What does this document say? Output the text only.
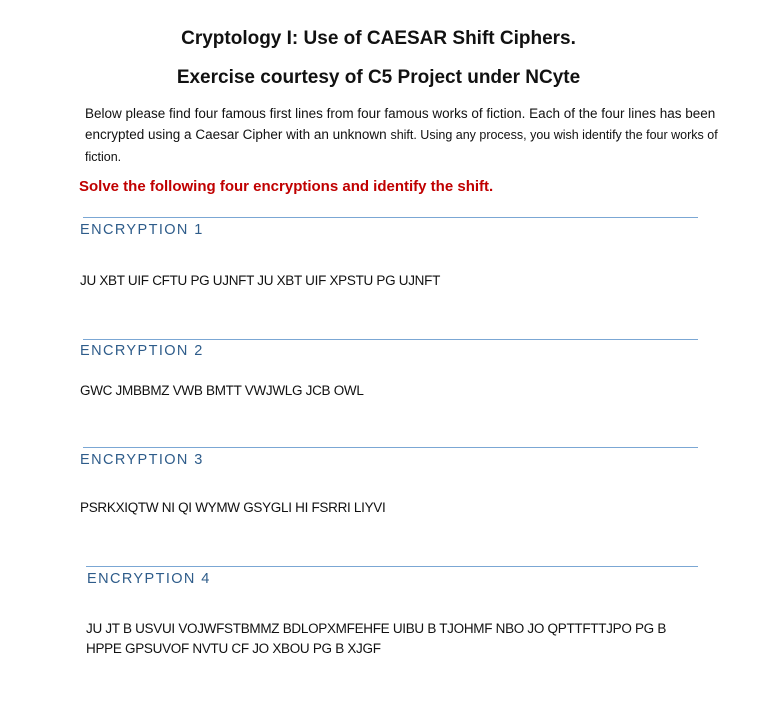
Cryptology I: Use of CAESAR Shift Ciphers.
Exercise courtesy of C5 Project under NCyte
Below please find four famous first lines from four famous works of fiction. Each of the four lines has been encrypted using a Caesar Cipher with an unknown shift. Using any process, you wish identify the four works of fiction.
Solve the following four encryptions and identify the shift.
ENCRYPTION 1
JU XBT UIF CFTU PG UJNFT JU XBT UIF XPSTU PG UJNFT
ENCRYPTION 2
GWC JMBBMZ VWB BMTT VWJWLG JCB OWL
ENCRYPTION 3
PSRKXIQTW NI QI WYMW GSYGLI HI FSRRI LIYVI
ENCRYPTION 4
JU JT B USVUI VOJWFSTBMMZ BDLOPXMFEHFE UIBU B TJOHMF NBO JO QPTTFTTJPO PG B HPPE GPSUVOF NVTU CF JO XBOU PG B XJGF
